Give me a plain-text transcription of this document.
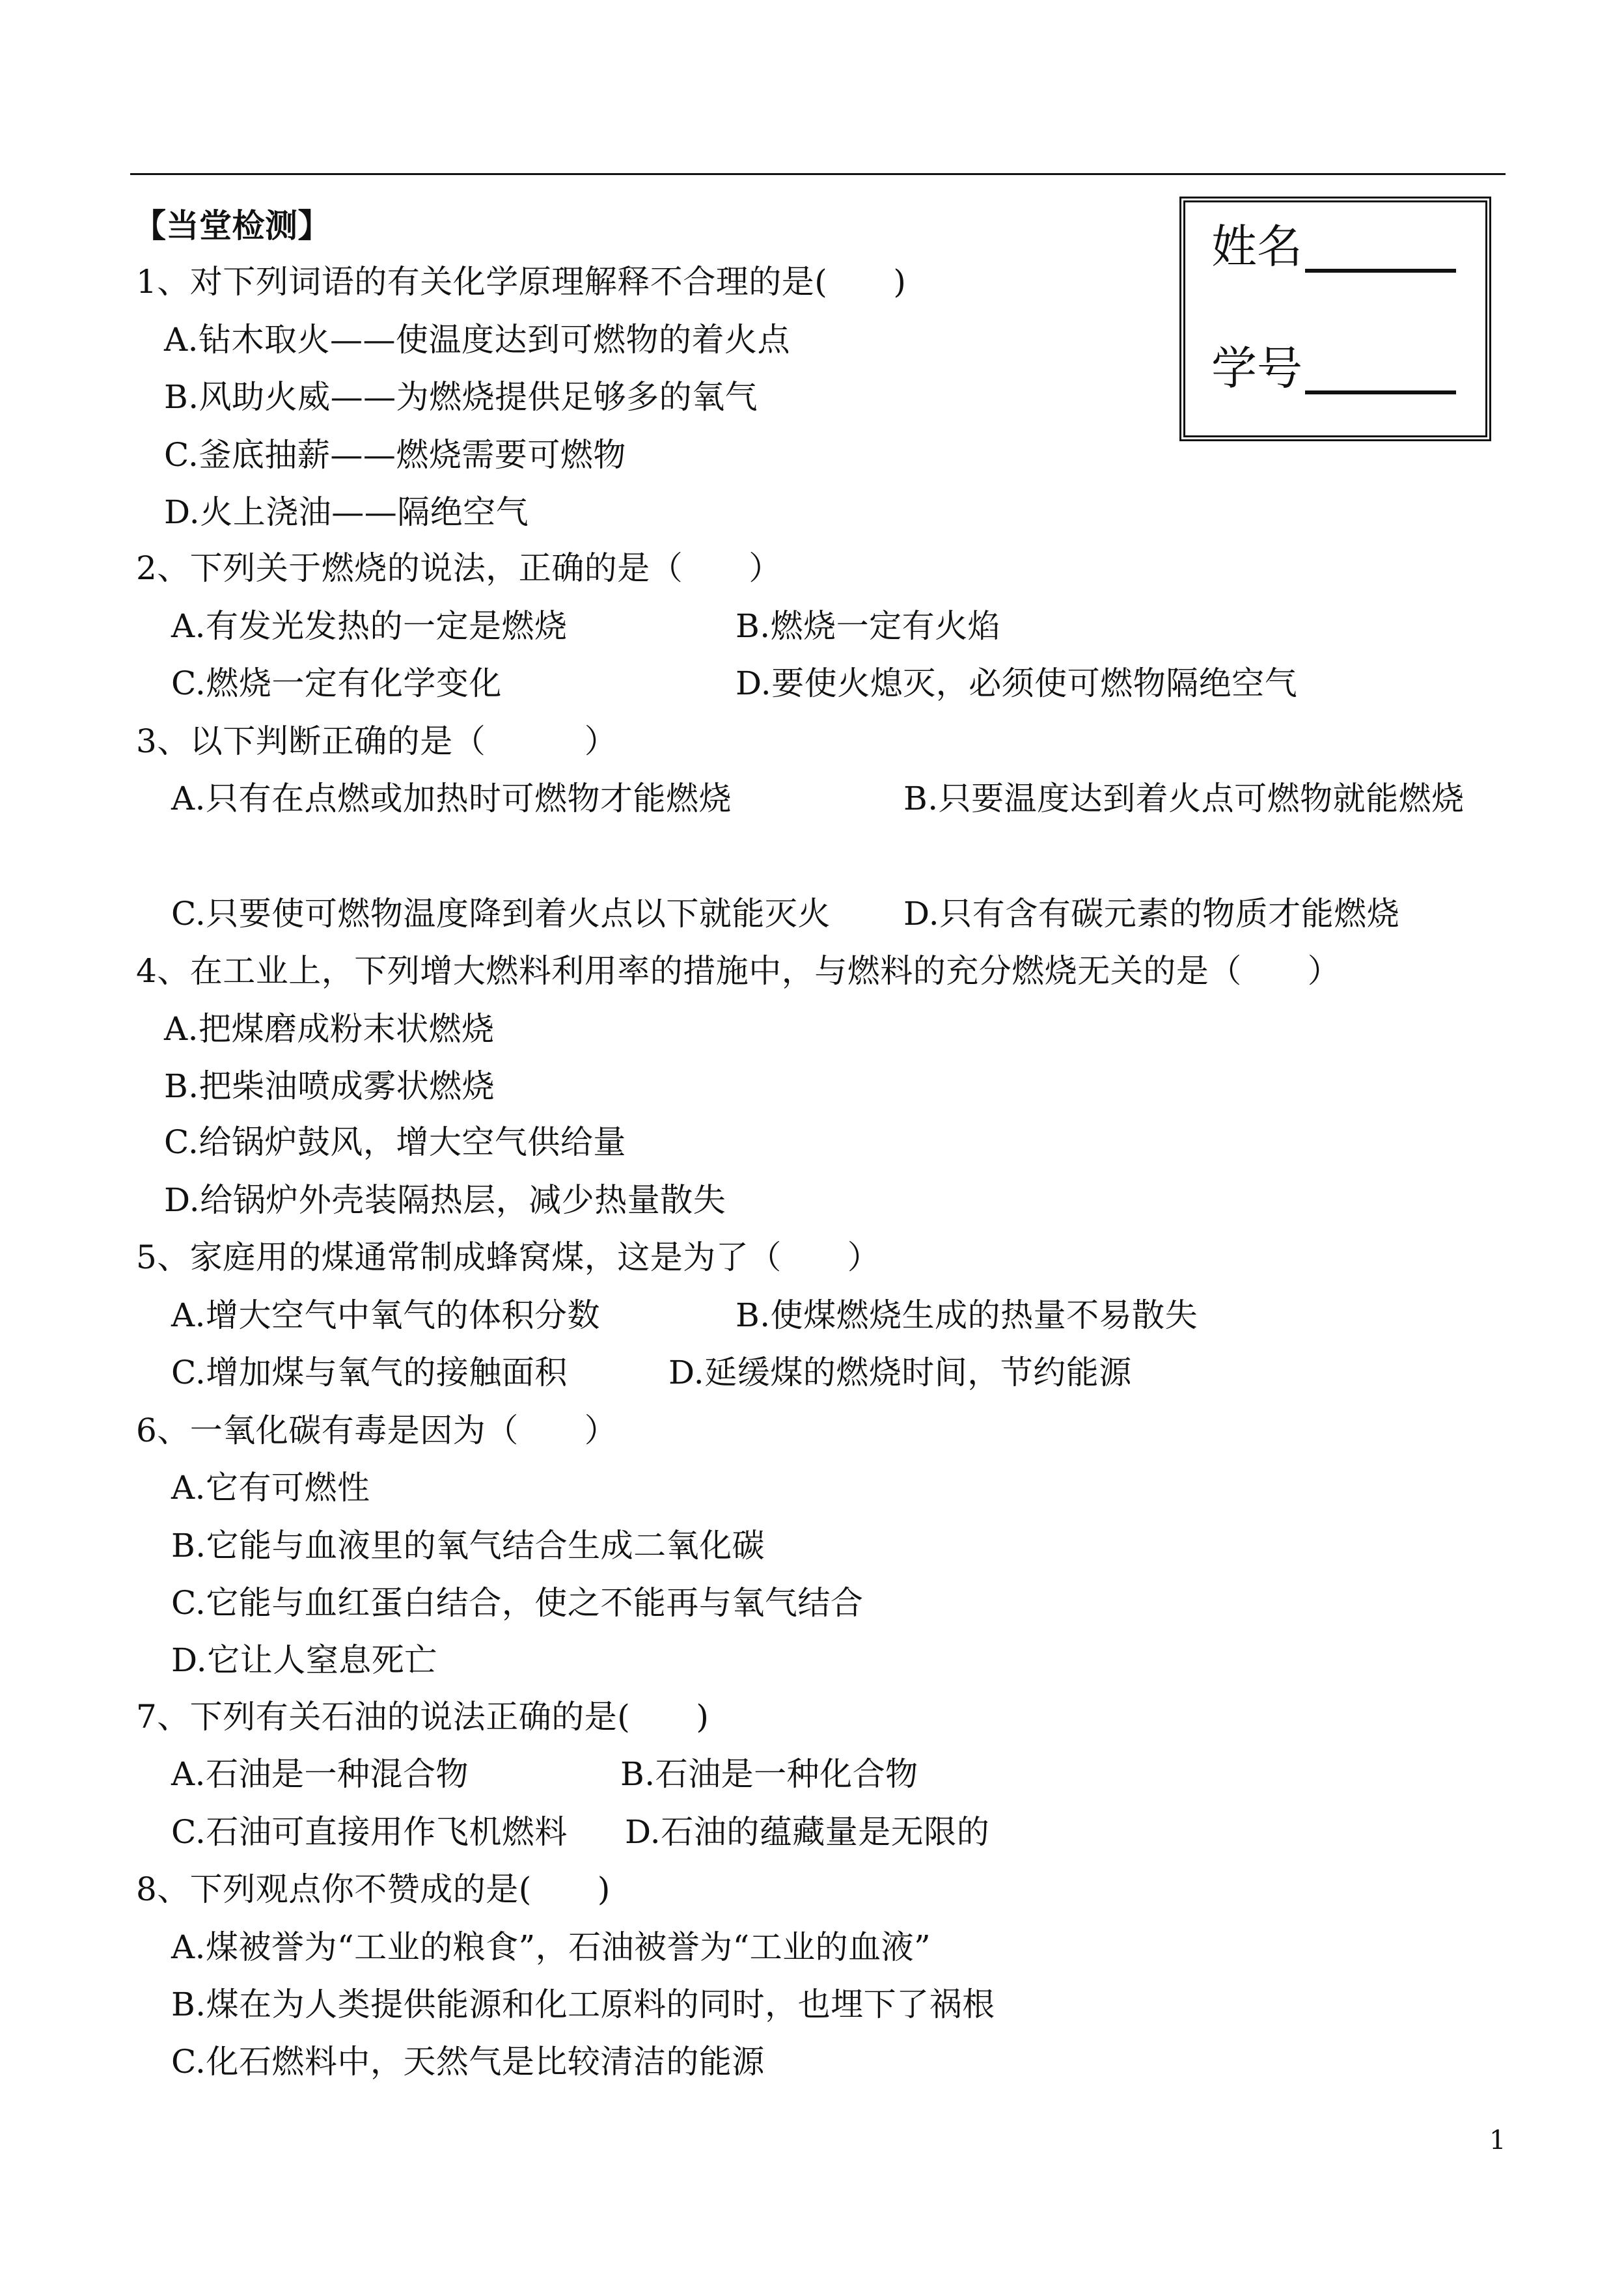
【当堂检测】	姓名
学号
1、对下列词语的有关化学原理解释不合理的是(　　)
A.钻木取火——使温度达到可燃物的着火点
B.风助火威——为燃烧提供足够多的氧气
C.釜底抽薪——燃烧需要可燃物
D.火上浇油——隔绝空气
2、下列关于燃烧的说法，正确的是（　　）
A.有发光发热的一定是燃烧	B.燃烧一定有火焰
C.燃烧一定有化学变化	D.要使火熄灭，必须使可燃物隔绝空气
3、以下判断正确的是（　　　）
A.只有在点燃或加热时可燃物才能燃烧	B.只要温度达到着火点可燃物就能燃烧
C.只要使可燃物温度降到着火点以下就能灭火 D.只有含有碳元素的物质才能燃烧
4、在工业上，下列增大燃料利用率的措施中，与燃料的充分燃烧无关的是（　　）
A.把煤磨成粉末状燃烧
B.把柴油喷成雾状燃烧
C.给锅炉鼓风，增大空气供给量
D.给锅炉外壳装隔热层，减少热量散失
5、家庭用的煤通常制成蜂窝煤，这是为了（　　）
A.增大空气中氧气的体积分数	B.使煤燃烧生成的热量不易散失
C.增加煤与氧气的接触面积	D.延缓煤的燃烧时间，节约能源
6、一氧化碳有毒是因为（　　）
A.它有可燃性
B.它能与血液里的氧气结合生成二氧化碳
C.它能与血红蛋白结合，使之不能再与氧气结合
D.它让人窒息死亡
7、下列有关石油的说法正确的是(　　)
A.石油是一种混合物	B.石油是一种化合物
C.石油可直接用作飞机燃料 D.石油的蕴藏量是无限的
8、下列观点你不赞成的是(　　)
A.煤被誉为“工业的粮食”，石油被誉为“工业的血液”
B.煤在为人类提供能源和化工原料的同时，也埋下了祸根
C.化石燃料中，天然气是比较清洁的能源
1
